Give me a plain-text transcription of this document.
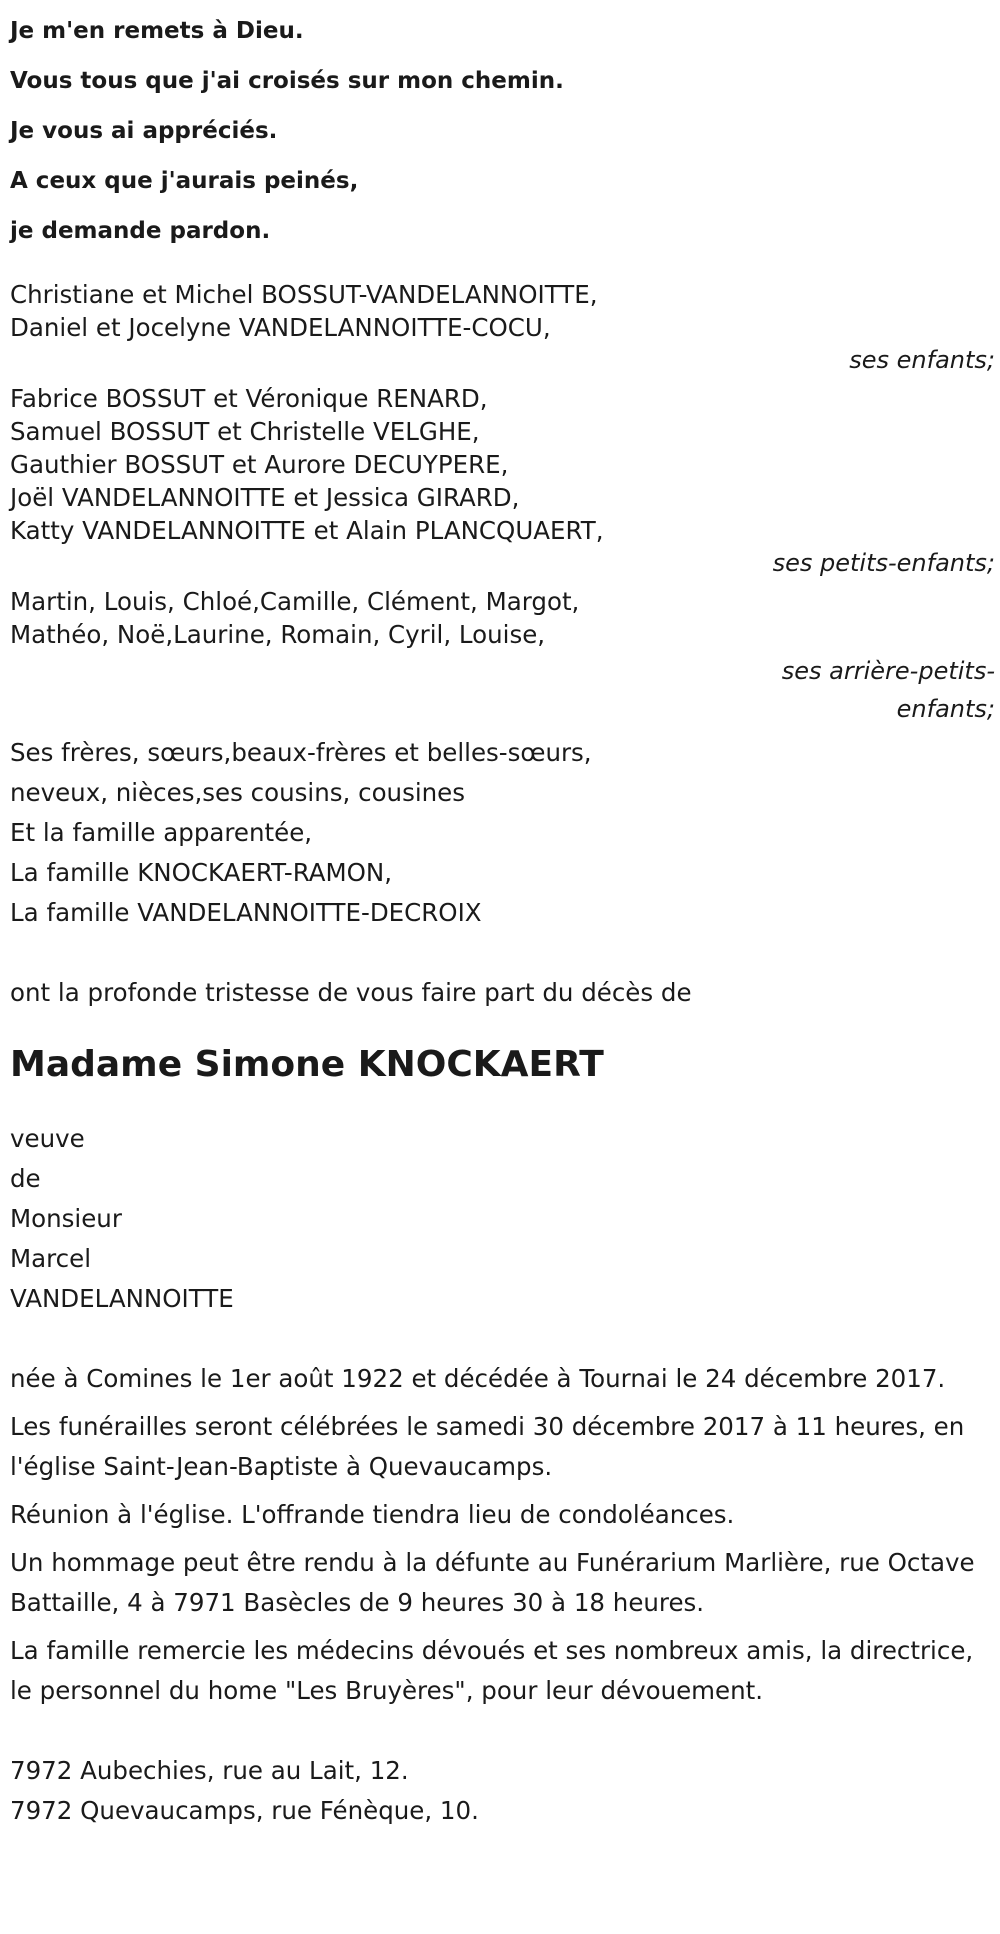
Je m'en remets à Dieu.

Vous tous que j'ai croisés sur mon chemin.

Je vous ai appréciés.

A ceux que j'aurais peinés,

je demande pardon.

Christiane et Michel BOSSUT-VANDELANNOITTE,

Daniel et Jocelyne VANDELANNOITTE-COCU,

ses enfants;

Fabrice BOSSUT et Véronique RENARD,

Samuel BOSSUT et Christelle VELGHE,

Gauthier BOSSUT et Aurore DECUYPERE,

Joël VANDELANNOITTE et Jessica GIRARD,

Katty VANDELANNOITTE et Alain PLANCQUAERT,

ses petits-enfants;

Martin, Louis, Chloé,Camille, Clément, Margot,

Mathéo, Noë,Laurine, Romain, Cyril, Louise,

ses arrière-petits-

enfants;

Ses frères, sœurs,beaux-frères et belles-sœurs,

neveux, nièces,ses cousins, cousines

Et la famille apparentée,

La famille KNOCKAERT-RAMON,

La famille VANDELANNOITTE-DECROIX

ont la profonde tristesse de vous faire part du décès de

Madame Simone KNOCKAERT

veuve

de

Monsieur

Marcel

VANDELANNOITTE

née à Comines le 1er août 1922 et décédée à Tournai le 24 décembre 2017.

Les funérailles seront célébrées le samedi 30 décembre 2017 à 11 heures, en l'église Saint-Jean-Baptiste à Quevaucamps.

Réunion à l'église. L'offrande tiendra lieu de condoléances.

Un hommage peut être rendu à la défunte au Funérarium Marlière, rue Octave Battaille, 4 à 7971 Basècles de 9 heures 30 à 18 heures.

La famille remercie les médecins dévoués et ses nombreux amis, la directrice, le personnel du home "Les Bruyères", pour leur dévouement.

7972 Aubechies, rue au Lait, 12.

7972 Quevaucamps, rue Fénèque, 10.
